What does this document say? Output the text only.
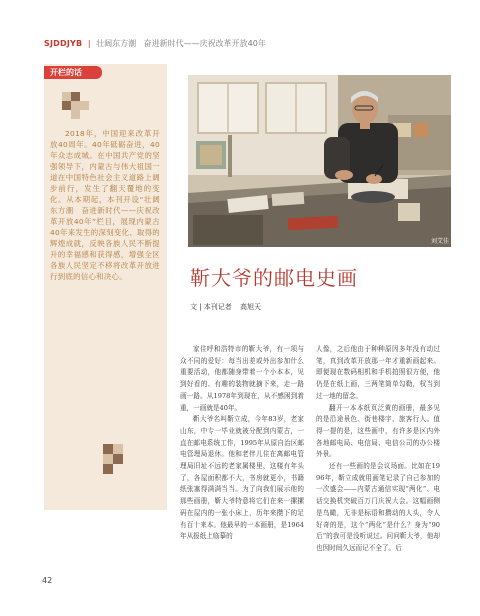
SJDDJYB | 壮阔东方潮 奋进新时代——庆祝改革开放40年
开栏的话
2018年，中国迎来改革开放40周年。40年砥砺奋进，40年众志成城。在中国共产党的坚强领导下，内蒙古与伟大祖国一道在中国特色社会主义道路上阔步前行，发生了翻天覆地的变化。从本期起，本刊开设“壮阔东方潮　奋进新时代——庆祝改革开放40年”栏目，展现内蒙古40年来发生的深刻变化、取得的辉煌成就，反映各族人民不断提升的幸福感和获得感，增强全区各族人民坚定不移将改革开放进行到底的信心和决心。
刘艾佳
靳大爷的邮电史画
文 | 本刊记者 高旭天

家住呼和浩特市的靳大爷，有一项与众不同的爱好：每当出差或外出参加什么重要活动，他都随身带着一个小本本，见到好看的、有趣的装物就摘下来，走一路画一路。从1978年到现在，从不感困到着重，一画就是40年。

靳大爷名叫靳立成，今年83岁，老家山东，中专一毕业就被分配到内蒙古，一直在邮电系统工作，1995年从原自治区邮电管理局退休。他和老伴儿住在离邮电管理局旧址不远的老家属楼里，这楼有年头了，各屋面积都不大，书房就更小，书籍纸张塞得满满当当。为了向我们展示他的那些画册，靳大爷特意将它们在来一摞摞码在屋内的一张小床上，历年来攒下的足有百十来本。他最早的一本画册，是1964年从报纸上临摹的

人像，之后他由于种种原因多年没有动过笔，真到改革开放那一年才重新画起来。即便现在数码相机和手机拍照很方便，他仍是在纸上画，三两笔简单勾勒，权当到过一地的留念。

翻开一本本纸页泛黄的画册，最多见的是沿途景色、街巷楼宇、旅客行人。值得一提的是，这些画中，有许多是区内外各地邮电局、电信局、电信公司的办公楼外景。

还有一些画的是会议场面。比如在1996年，靳立成就用画笔记录了自己参加的一次盛会——内蒙古通信实现“两化”、电话交换机突破百万门庆祝大会。这幅画侧是鸟瞰，无非是标语和攒动的人头，令人好奇的是，这个“两化”是什么？身为“90后”的我可是没听说过。问问靳大爷，他却也因时间久远而记不全了。后

42
